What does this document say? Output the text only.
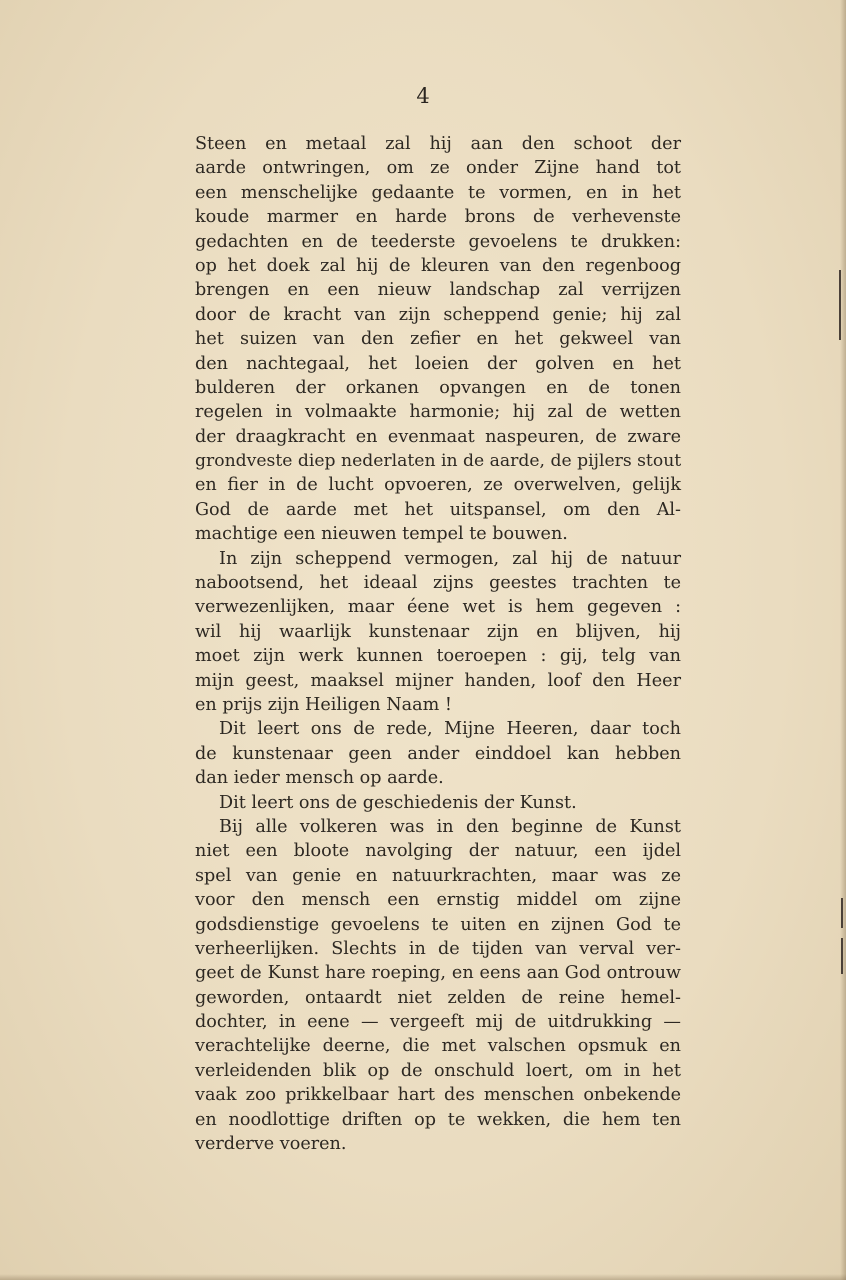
4
Steen en metaal zal hij aan den schoot der
aarde ontwringen, om ze onder Zijne hand tot
een menschelijke gedaante te vormen, en in het
koude marmer en harde brons de verhevenste
gedachten en de teederste gevoelens te drukken:
op het doek zal hij de kleuren van den regenboog
brengen en een nieuw landschap zal verrijzen
door de kracht van zijn scheppend genie; hij zal
het suizen van den zefier en het gekweel van
den nachtegaal, het loeien der golven en het
bulderen der orkanen opvangen en de tonen
regelen in volmaakte harmonie; hij zal de wetten
der draagkracht en evenmaat naspeuren, de zware
grondveste diep nederlaten in de aarde, de pijlers stout
en fier in de lucht opvoeren, ze overwelven, gelijk
God de aarde met het uitspansel, om den Al-
machtige een nieuwen tempel te bouwen.
In zijn scheppend vermogen, zal hij de natuur
nabootsend, het ideaal zijns geestes trachten te
verwezenlijken, maar éene wet is hem gegeven :
wil hij waarlijk kunstenaar zijn en blijven, hij
moet zijn werk kunnen toeroepen : gij, telg van
mijn geest, maaksel mijner handen, loof den Heer
en prijs zijn Heiligen Naam !
Dit leert ons de rede, Mijne Heeren, daar toch
de kunstenaar geen ander einddoel kan hebben
dan ieder mensch op aarde.
Dit leert ons de geschiedenis der Kunst.
Bij alle volkeren was in den beginne de Kunst
niet een bloote navolging der natuur, een ijdel
spel van genie en natuurkrachten, maar was ze
voor den mensch een ernstig middel om zijne
godsdienstige gevoelens te uiten en zijnen God te
verheerlijken. Slechts in de tijden van verval ver-
geet de Kunst hare roeping, en eens aan God ontrouw
geworden, ontaardt niet zelden de reine hemel-
dochter, in eene — vergeeft mij de uitdrukking —
verachtelijke deerne, die met valschen opsmuk en
verleidenden blik op de onschuld loert, om in het
vaak zoo prikkelbaar hart des menschen onbekende
en noodlottige driften op te wekken, die hem ten
verderve voeren.
